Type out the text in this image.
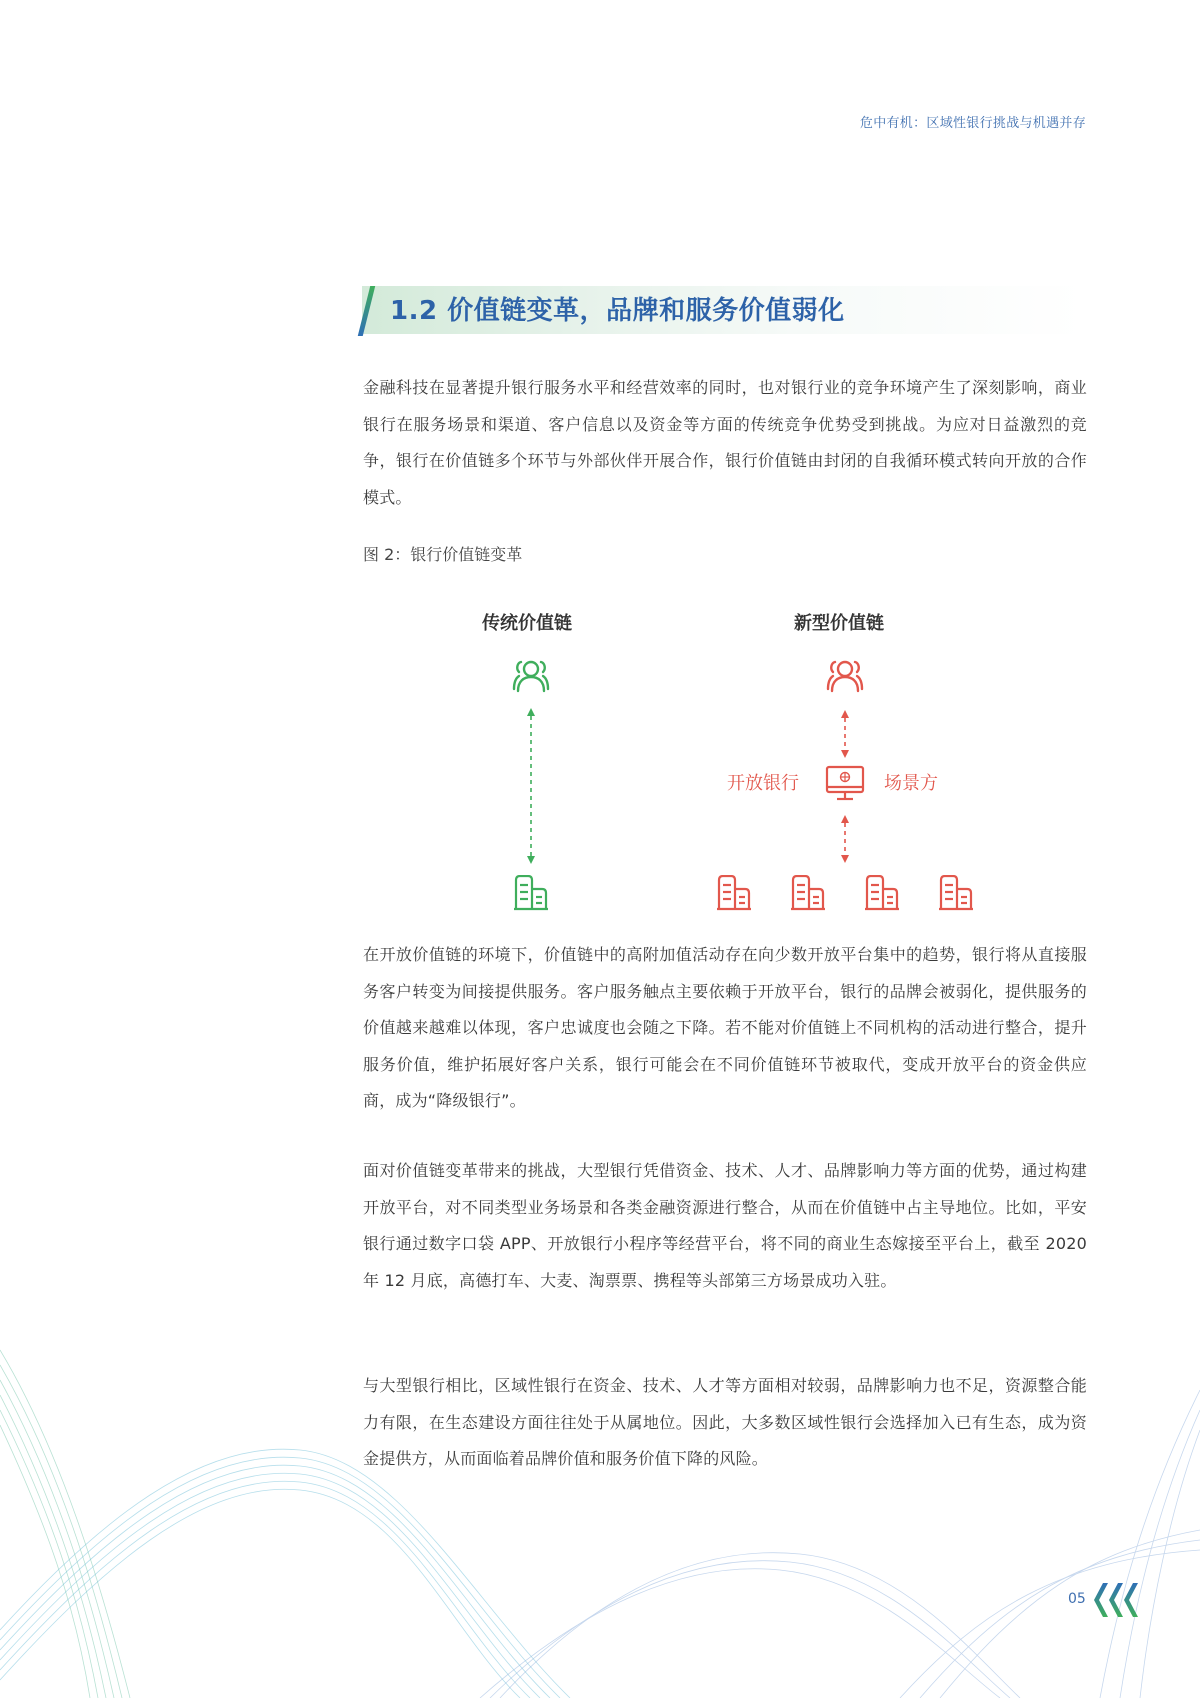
危中有机：区域性银行挑战与机遇并存
1.2 价值链变革，品牌和服务价值弱化
金融科技在显著提升银行服务水平和经营效率的同时，也对银行业的竞争环境产生了深刻影响，商业银行在服务场景和渠道、客户信息以及资金等方面的传统竞争优势受到挑战。为应对日益激烈的竞争，银行在价值链多个环节与外部伙伴开展合作，银行价值链由封闭的自我循环模式转向开放的合作模式。
图 2：银行价值链变革
传统价值链	新型价值链
开放银行	场景方
在开放价值链的环境下，价值链中的高附加值活动存在向少数开放平台集中的趋势，银行将从直接服务客户转变为间接提供服务。客户服务触点主要依赖于开放平台，银行的品牌会被弱化，提供服务的价值越来越难以体现，客户忠诚度也会随之下降。若不能对价值链上不同机构的活动进行整合，提升服务价值，维护拓展好客户关系，银行可能会在不同价值链环节被取代，变成开放平台的资金供应商，成为“降级银行”。
面对价值链变革带来的挑战，大型银行凭借资金、技术、人才、品牌影响力等方面的优势，通过构建开放平台，对不同类型业务场景和各类金融资源进行整合，从而在价值链中占主导地位。比如，平安银行通过数字口袋 APP、开放银行小程序等经营平台，将不同的商业生态嫁接至平台上，截至 2020 年 12 月底，高德打车、大麦、淘票票、携程等头部第三方场景成功入驻。
与大型银行相比，区域性银行在资金、技术、人才等方面相对较弱，品牌影响力也不足，资源整合能力有限，在生态建设方面往往处于从属地位。因此，大多数区域性银行会选择加入已有生态，成为资金提供方，从而面临着品牌价值和服务价值下降的风险。
05
